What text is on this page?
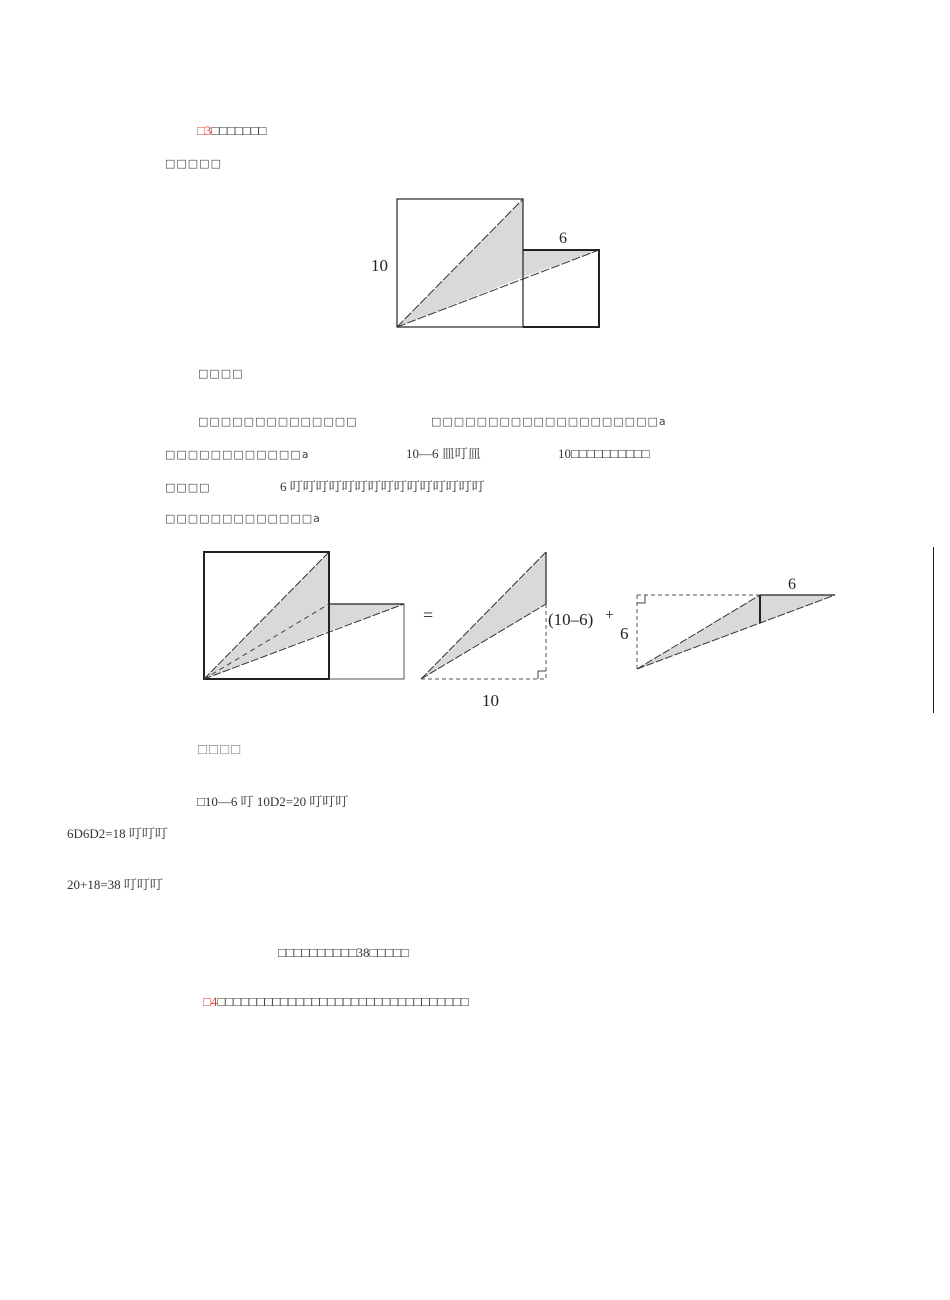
□3□□□□□□□
□□□□□
10
6
□□□□
□□□□□□□□□□□□□□	□□□□□□□□□□□□□□□□□□□□a
□□□□□□□□□□□□a	10—6 皿叮皿	10□□□□□□□□□□
□□□□	6 叮叮叮叮叮叮叮叮叮叮叮叮叮叮叮
□□□□□□□□□□□□□a
=	(10–6)
10
+
6
6
□□□□
□10—6 叮 10D2=20 叮叮叮
6D6D2=18 叮叮叮
20+18=38 叮叮叮
□□□□□□□□□□38□□□□□
□4□□□□□□□□□□□□□□□□□□□□□□□□□□□□□□□□
